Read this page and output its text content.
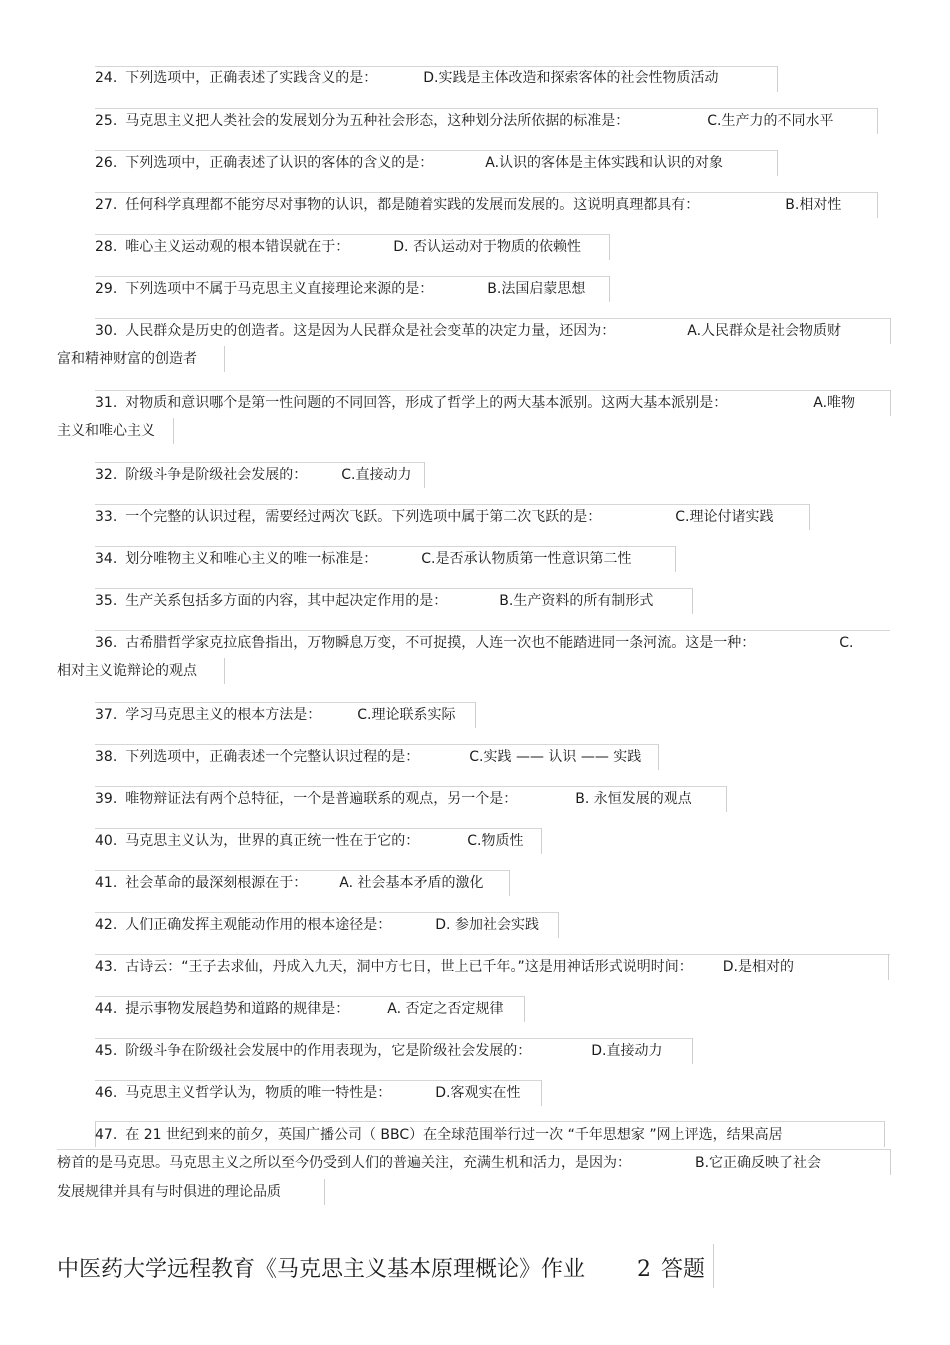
24. 下列选项中，正确表述了实践含义的是：	D.实践是主体改造和探索客体的社会性物质活动
25. 马克思主义把人类社会的发展划分为五种社会形态，这种划分法所依据的标准是：	C.生产力的不同水平
26. 下列选项中，正确表述了认识的客体的含义的是：	A.认识的客体是主体实践和认识的对象
27. 任何科学真理都不能穷尽对事物的认识，都是随着实践的发展而发展的。这说明真理都具有：	B.相对性
28. 唯心主义运动观的根本错误就在于：	D. 否认运动对于物质的依赖性
29. 下列选项中不属于马克思主义直接理论来源的是：	B.法国启蒙思想
30. 人民群众是历史的创造者。这是因为人民群众是社会变革的决定力量，还因为：	A.人民群众是社会物质财
富和精神财富的创造者
31. 对物质和意识哪个是第一性问题的不同回答，形成了哲学上的两大基本派别。这两大基本派别是：	A.唯物
主义和唯心主义
32. 阶级斗争是阶级社会发展的： C.直接动力
33. 一个完整的认识过程，需要经过两次飞跃。下列选项中属于第二次飞跃的是：	C.理论付诸实践
34. 划分唯物主义和唯心主义的唯一标准是：	C.是否承认物质第一性意识第二性
35. 生产关系包括多方面的内容，其中起决定作用的是：	B.生产资料的所有制形式
36. 古希腊哲学家克拉底鲁指出，万物瞬息万变，不可捉摸，人连一次也不能踏进同一条河流。这是一种：	C.
相对主义诡辩论的观点
37. 学习马克思主义的根本方法是：	C.理论联系实际
38. 下列选项中，正确表述一个完整认识过程的是：	C.实践 —— 认识 —— 实践
39. 唯物辩证法有两个总特征，一个是普遍联系的观点，另一个是：	B. 永恒发展的观点
40. 马克思主义认为，世界的真正统一性在于它的：	C.物质性
41. 社会革命的最深刻根源在于： A. 社会基本矛盾的激化
42. 人们正确发挥主观能动作用的根本途径是：	D. 参加社会实践
43. 古诗云：“王子去求仙，丹成入九天，洞中方七日，世上已千年。”这是用神话形式说明时间： D.是相对的
44. 提示事物发展趋势和道路的规律是：	A. 否定之否定规律
45. 阶级斗争在阶级社会发展中的作用表现为，它是阶级社会发展的：	D.直接动力
46. 马克思主义哲学认为，物质的唯一特性是：	D.客观实在性
47. 在 21 世纪到来的前夕，英国广播公司（ BBC）在全球范围举行过一次 “千年思想家 ”网上评选，结果高居
榜首的是马克思。马克思主义之所以至今仍受到人们的普遍关注，充满生机和活力，是因为：	B.它正确反映了社会
发展规律并具有与时俱进的理论品质
中医药大学远程教育《马克思主义基本原理概论》作业 2 答题
